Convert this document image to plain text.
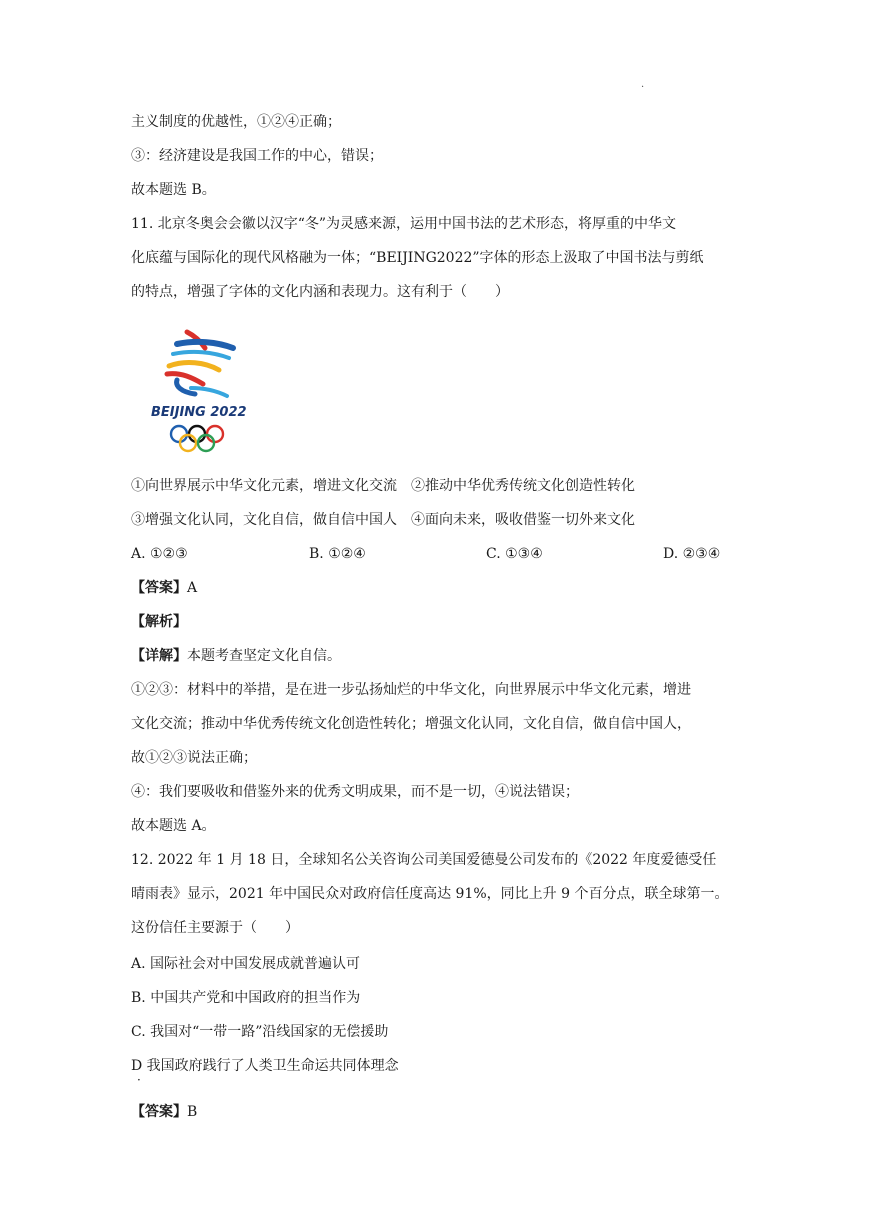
·
主义制度的优越性，①②④正确；
③：经济建设是我国工作的中心，错误；
故本题选 B。
11. 北京冬奥会会徽以汉字“冬”为灵感来源，运用中国书法的艺术形态，将厚重的中华文
化底蕴与国际化的现代风格融为一体；“BEIJING2022”字体的形态上汲取了中国书法与剪纸
的特点，增强了字体的文化内涵和表现力。这有利于（　　）
BEIJING 2022
①向世界展示中华文化元素，增进文化交流　②推动中华优秀传统文化创造性转化
③增强文化认同，文化自信，做自信中国人　④面向未来，吸收借鉴一切外来文化
A. ①②③	B. ①②④	C. ①③④	D. ②③④
【答案】A
【解析】
【详解】本题考查坚定文化自信。
①②③：材料中的举措，是在进一步弘扬灿烂的中华文化，向世界展示中华文化元素，增进
文化交流；推动中华优秀传统文化创造性转化；增强文化认同，文化自信，做自信中国人，
故①②③说法正确；
④：我们要吸收和借鉴外来的优秀文明成果，而不是一切，④说法错误；
故本题选 A。
12. 2022 年 1 月 18 日，全球知名公关咨询公司美国爱德曼公司发布的《2022 年度爱德受任
晴雨表》显示，2021 年中国民众对政府信任度高达 91%，同比上升 9 个百分点，联全球第一。
这份信任主要源于（　　）
A. 国际社会对中国发展成就普遍认可
B. 中国共产党和中国政府的担当作为
C. 我国对“一带一路”沿线国家的无偿援助
D 我国政府践行了人类卫生命运共同体理念
·
【答案】B
